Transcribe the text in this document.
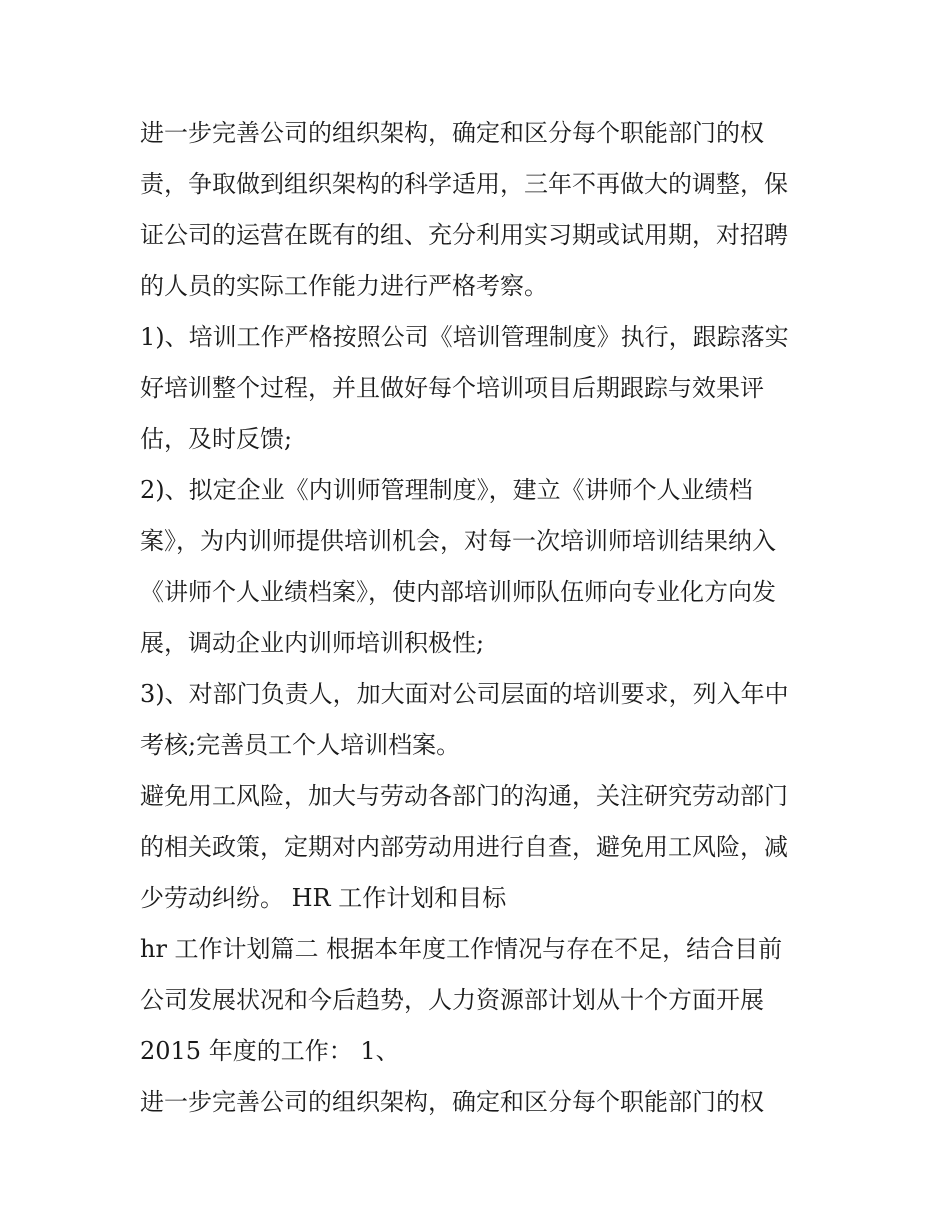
进一步完善公司的组织架构，确定和区分每个职能部门的权
责，争取做到组织架构的科学适用，三年不再做大的调整，保
证公司的运营在既有的组、充分利用实习期或试用期，对招聘
的人员的实际工作能力进行严格考察。
1)、培训工作严格按照公司《培训管理制度》执行，跟踪落实
好培训整个过程，并且做好每个培训项目后期跟踪与效果评
估，及时反馈;
2)、拟定企业《内训师管理制度》，建立《讲师个人业绩档
案》，为内训师提供培训机会，对每一次培训师培训结果纳入
《讲师个人业绩档案》，使内部培训师队伍师向专业化方向发
展，调动企业内训师培训积极性;
3)、对部门负责人，加大面对公司层面的培训要求，列入年中
考核;完善员工个人培训档案。
避免用工风险，加大与劳动各部门的沟通，关注研究劳动部门
的相关政策，定期对内部劳动用进行自查，避免用工风险，减
少劳动纠纷。 HR 工作计划和目标
hr 工作计划篇二 根据本年度工作情况与存在不足，结合目前
公司发展状况和今后趋势，人力资源部计划从十个方面开展
2015 年度的工作： 1、
进一步完善公司的组织架构，确定和区分每个职能部门的权
